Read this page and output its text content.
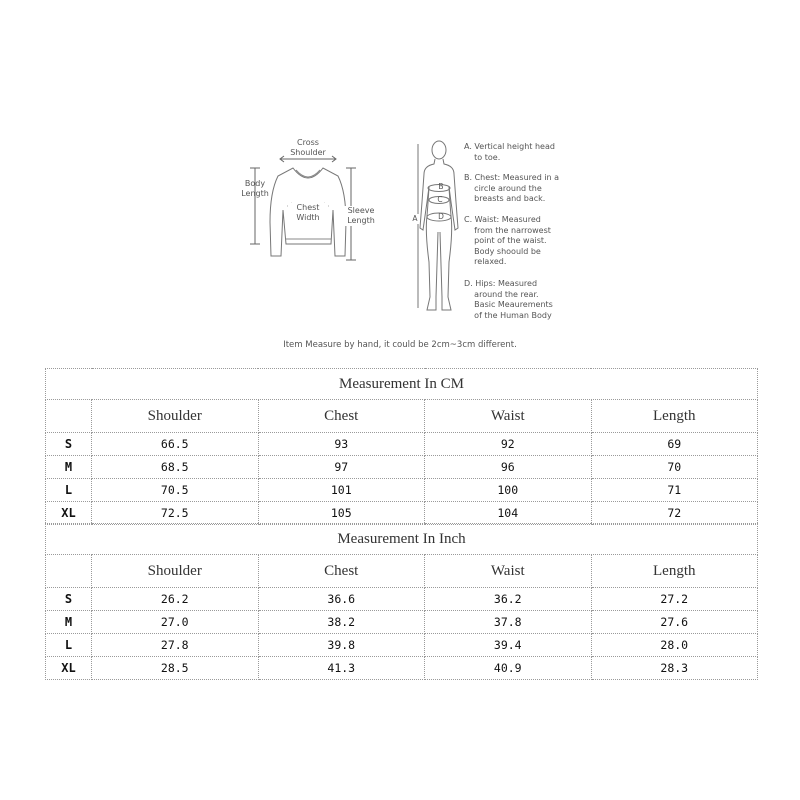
Cross
Shoulder
Body
Length
Chest
Width
Sleeve
Length
B
C
D
A
A. Vertical height head
to toe.
B. Chest: Measured in a
circle around the
breasts and back.
C. Waist: Measured
from the narrowest
point of the waist.
Body shoould be
relaxed.
D. Hips: Measured
around the rear.
Basic Meaurements
of the Human Body
Item Measure by hand, it could be 2cm~3cm different.
Measurement In CM				
	Shoulder	Chest	Waist	Length
S	66.5	93	92	69
M	68.5	97	96	70
L	70.5	101	100	71
XL	72.5	105	104	72
Measurement In Inch				
	Shoulder	Chest	Waist	Length
S	26.2	36.6	36.2	27.2
M	27.0	38.2	37.8	27.6
L	27.8	39.8	39.4	28.0
XL	28.5	41.3	40.9	28.3
